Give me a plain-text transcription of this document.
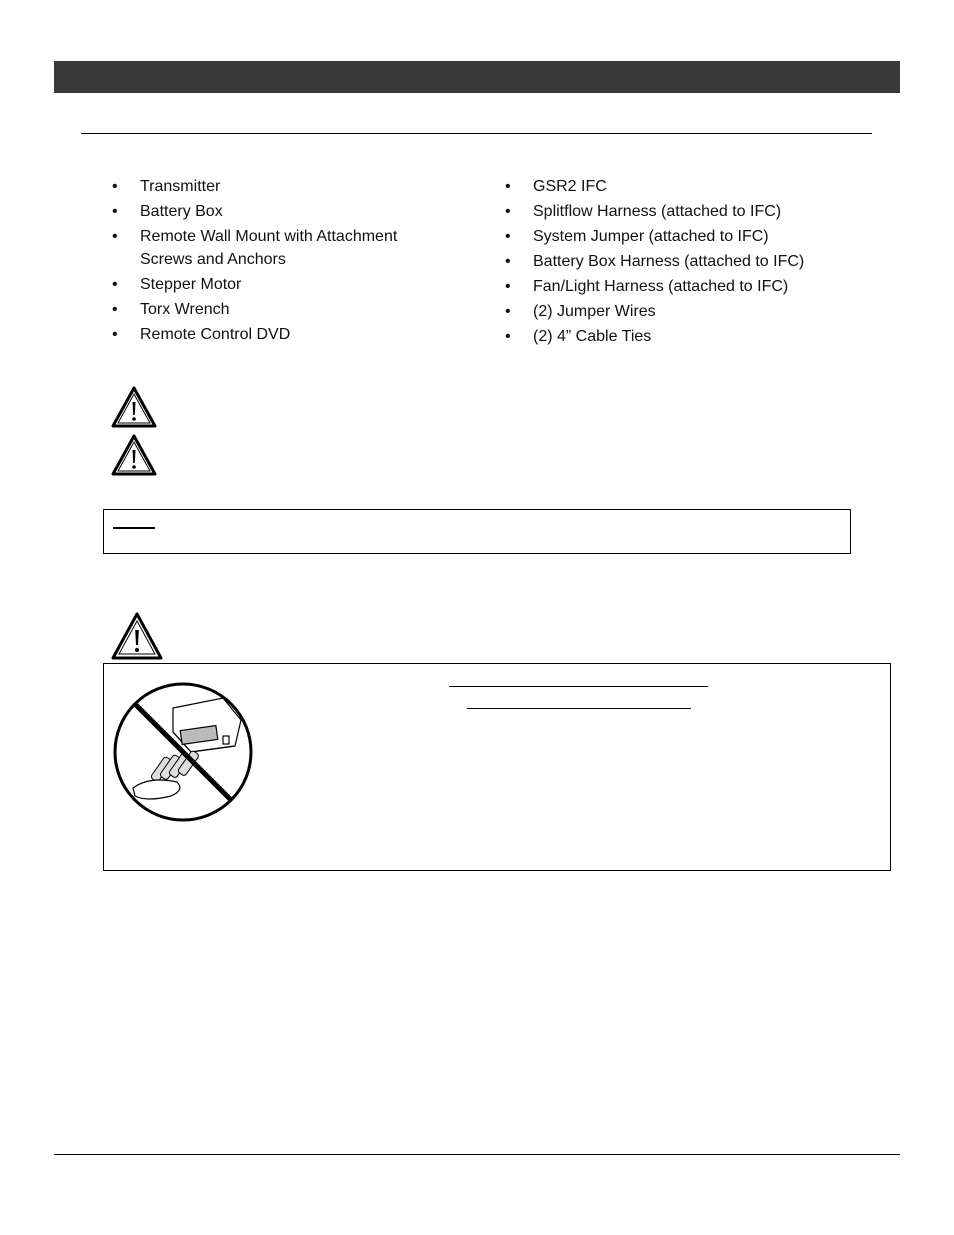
• Transmitter
• Battery Box
• Remote Wall Mount with Attachment Screws and Anchors
• Stepper Motor
• Torx Wrench
• Remote Control DVD
• GSR2 IFC
• Splitflow Harness (attached to IFC)
• System Jumper (attached to IFC)
• Battery Box Harness (attached to IFC)
• Fan/Light Harness (attached to IFC)
• (2) Jumper Wires
• (2) 4” Cable Ties
